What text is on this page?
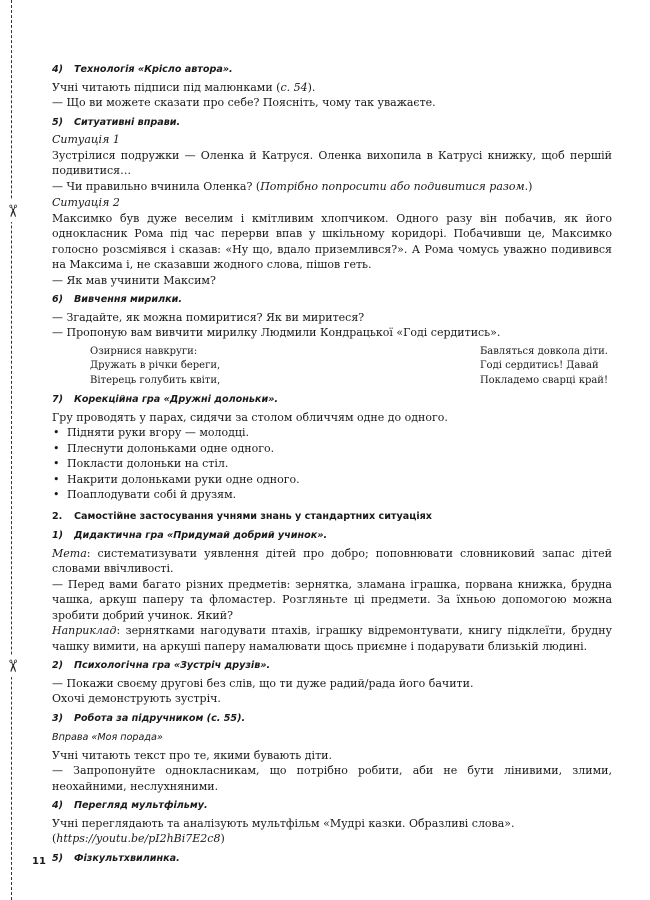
✂
✂
4) Технологія «Крісло автора».
Учні читають підписи під малюнками (с. 54).
— Що ви можете сказати про себе? Поясніть, чому так уважаєте.
5) Ситуативні вправи.
Ситуація 1
Зустрілися подружки — Оленка й Катруся. Оленка вихопила в Катрусі книжку, щоб першій подивитися…
— Чи правильно вчинила Оленка? (Потрібно попросити або подивитися разом.)
Ситуація 2
Максимко був дуже веселим і кмітливим хлопчиком. Одного разу він побачив, як його однокласник Рома під час перерви впав у шкільному коридорі. Побачивши це, Максимко голосно розсміявся і сказав: «Ну що, вдало приземлився?». А Рома чомусь уважно подивився на Максима і, не сказавши жодного слова, пішов геть.
— Як мав учинити Максим?
6) Вивчення мирилки.
— Згадайте, як можна помиритися? Як ви миритеся?
— Пропоную вам вивчити мирилку Людмили Кондрацької «Годі сердитись».
Озирнися навкруги:
Дружать в річки береги,
Вітерець голубить квіти,
Бавляться довкола діти.
Годі сердитись! Давай
Покладемо сварці край!
7) Корекційна гра «Дружні долоньки».
Гру проводять у парах, сидячи за столом обличчям одне до одного.
• Підняти руки вгору — молодці.
• Плеснути долоньками одне одного.
• Покласти долоньки на стіл.
• Накрити долоньками руки одне одного.
• Поаплодувати собі й друзям.
2. Самостійне застосування учнями знань у стандартних ситуаціях
1) Дидактична гра «Придумай добрий учинок».
Мета: систематизувати уявлення дітей про добро; поповнювати словниковий запас дітей словами ввічливості.
— Перед вами багато різних предметів: зернятка, зламана іграшка, порвана книжка, брудна чашка, аркуш паперу та фломастер. Розгляньте ці предмети. За їхньою допомогою можна зробити добрий учинок. Який?
Наприклад: зернятками нагодувати птахів, іграшку відремонтувати, книгу підклеїти, брудну чашку вимити, на аркуші паперу намалювати щось приємне і подарувати близькій людині.
2) Психологічна гра «Зустріч друзів».
— Покажи своєму другові без слів, що ти дуже радий/рада його бачити.
Охочі демонструють зустріч.
3) Робота за підручником (с. 55).
Вправа «Моя порада»
Учні читають текст про те, якими бувають діти.
— Запропонуйте однокласникам, що потрібно робити, аби не бути лінивими, злими, неохайними, неслухняними.
4) Перегляд мультфільму.
Учні переглядають та аналізують мультфільм «Мудрі казки. Образливі слова».
(https://youtu.be/pI2hBi7E2c8)
5) Фізкультхвилинка.
11
